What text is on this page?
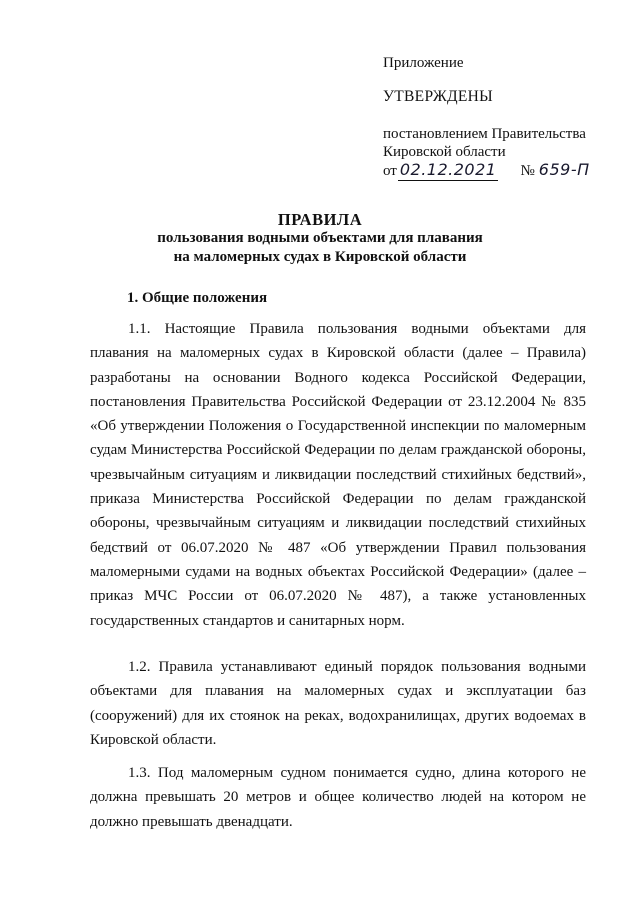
Приложение
УТВЕРЖДЕНЫ
постановлением Правительства
Кировской области
от 02.12.2021 № 659-П
ПРАВИЛА
пользования водными объектами для плавания
на маломерных судах в Кировской области
1. Общие положения

1.1. Настоящие Правила пользования водными объектами для плавания на маломерных судах в Кировской области (далее – Правила) разработаны на основании Водного кодекса Российской Федерации, постановления Правительства Российской Федерации от 23.12.2004 № 835 «Об утверждении Положения о Государственной инспекции по маломерным судам Министерства Российской Федерации по делам гражданской обороны, чрезвычайным ситуациям и ликвидации последствий стихийных бедствий», приказа Министерства Российской Федерации по делам гражданской обороны, чрезвычайным ситуациям и ликвидации последствий стихийных бедствий от 06.07.2020 № 487 «Об утверждении Правил пользования маломерными судами на водных объектах Российской Федерации» (далее – приказ МЧС России от 06.07.2020 № 487), а также установленных государственных стандартов и санитарных норм.

1.2. Правила устанавливают единый порядок пользования водными объектами для плавания на маломерных судах и эксплуатации баз (сооружений) для их стоянок на реках, водохранилищах, других водоемах в Кировской области.

1.3. Под маломерным судном понимается судно, длина которого не должна превышать 20 метров и общее количество людей на котором не должно превышать двенадцати.
